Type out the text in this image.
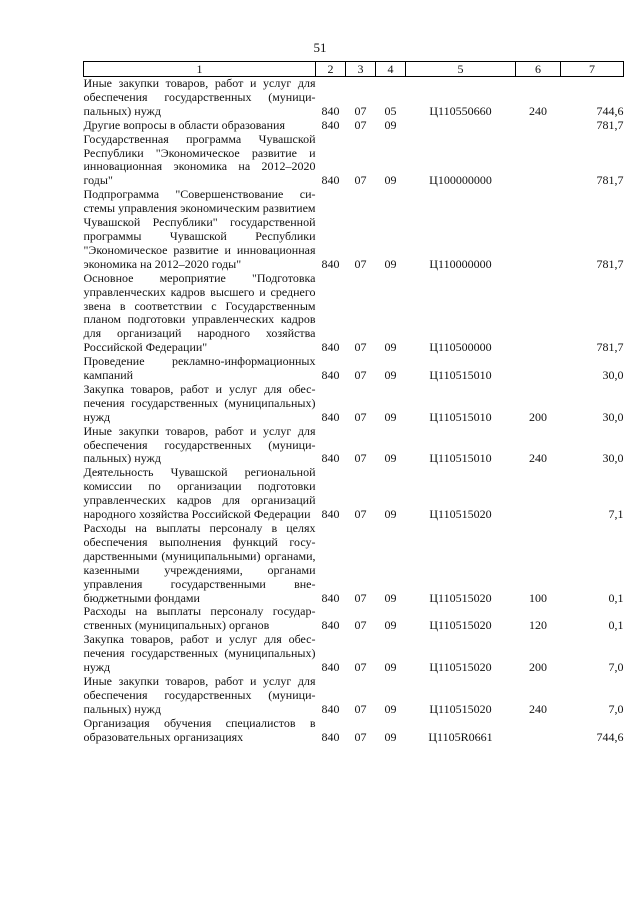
51
1	2	3	4	5	6	7
Иные закупки товаров, работ и услуг для обеспечения государственных (муниципальных) нужд	840	07	05	Ц110550660	240	744,6
Другие вопросы в области образования	840	07	09			781,7
Государственная программа Чувашской Республики "Экономическое развитие и инновационная экономика на 2012–2020 годы"	840	07	09	Ц100000000		781,7
Подпрограмма "Совершенствование системы управления экономическим развитием Чувашской Республики" государственной программы Чувашской Республики "Экономическое развитие и инновационная экономика на 2012–2020 годы"	840	07	09	Ц110000000		781,7
Основное мероприятие "Подготовка управленческих кадров высшего и среднего звена в соответствии с Государственным планом подготовки управленческих кадров для организаций народного хозяйства Российской Федерации"	840	07	09	Ц110500000		781,7
Проведение рекламно-информационных кампаний	840	07	09	Ц110515010		30,0
Закупка товаров, работ и услуг для обеспечения государственных (муниципальных) нужд	840	07	09	Ц110515010	200	30,0
Иные закупки товаров, работ и услуг для обеспечения государственных (муниципальных) нужд	840	07	09	Ц110515010	240	30,0
Деятельность Чувашской региональной комиссии по организации подготовки управленческих кадров для организаций народного хозяйства Российской Федерации	840	07	09	Ц110515020		7,1
Расходы на выплаты персоналу в целях обеспечения выполнения функций государственными (муниципальными) органами, казенными учреждениями, органами управления государственными внебюджетными фондами	840	07	09	Ц110515020	100	0,1
Расходы на выплаты персоналу государственных (муниципальных) органов	840	07	09	Ц110515020	120	0,1
Закупка товаров, работ и услуг для обеспечения государственных (муниципальных) нужд	840	07	09	Ц110515020	200	7,0
Иные закупки товаров, работ и услуг для обеспечения государственных (муниципальных) нужд	840	07	09	Ц110515020	240	7,0
Организация обучения специалистов в образовательных организациях	840	07	09	Ц1105R0661		744,6
